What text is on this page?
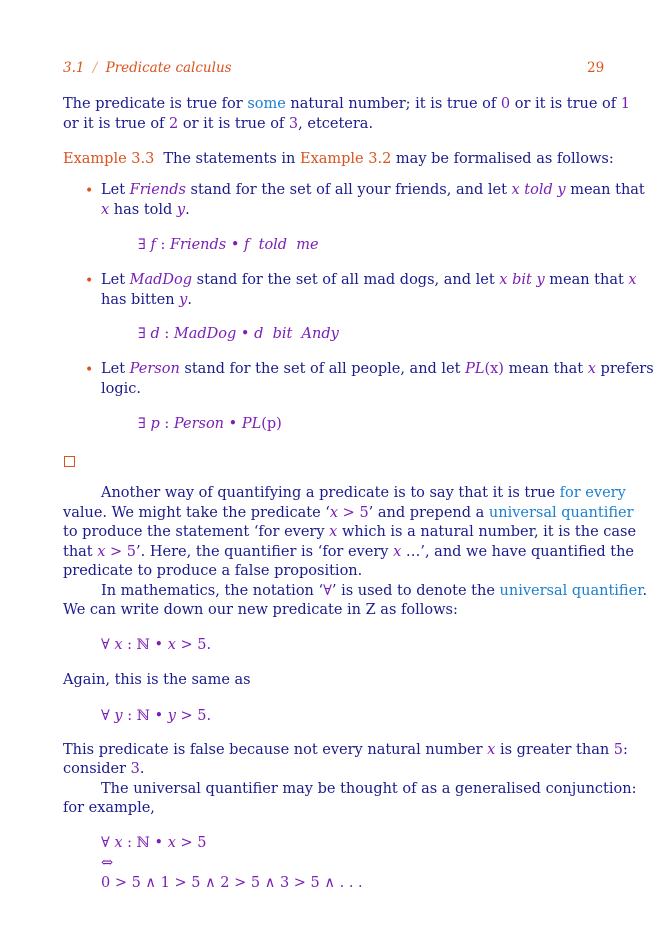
3.1 / Predicate calculus	29
The predicate is true for some natural number; it is true of 0 or it is true of 1
or it is true of 2 or it is true of 3, etcetera.
Example 3.3 The statements in Example 3.2 may be formalised as follows:
• Let Friends stand for the set of all your friends, and let x told y mean that
x has told y.
∃ f : Friends • f  told  me
• Let MadDog stand for the set of all mad dogs, and let x bit y mean that x
has bitten y.
∃ d : MadDog • d  bit  Andy
• Let Person stand for the set of all people, and let PL(x) mean that x prefers
logic.
∃ p : Person • PL(p)
Another way of quantifying a predicate is to say that it is true for every
value. We might take the predicate ‘x > 5’ and prepend a universal quantifier
to produce the statement ‘for every x which is a natural number, it is the case
that x > 5’. Here, the quantifier is ‘for every x …’, and we have quantified the
predicate to produce a false proposition.
In mathematics, the notation ‘∀’ is used to denote the universal quantifier.
We can write down our new predicate in Z as follows:
∀ x : ℕ • x > 5.
Again, this is the same as
∀ y : ℕ • y > 5.
This predicate is false because not every natural number x is greater than 5:
consider 3.
The universal quantifier may be thought of as a generalised conjunction:
for example,
∀ x : ℕ • x > 5
⇔
0 > 5 ∧ 1 > 5 ∧ 2 > 5 ∧ 3 > 5 ∧ . . .
